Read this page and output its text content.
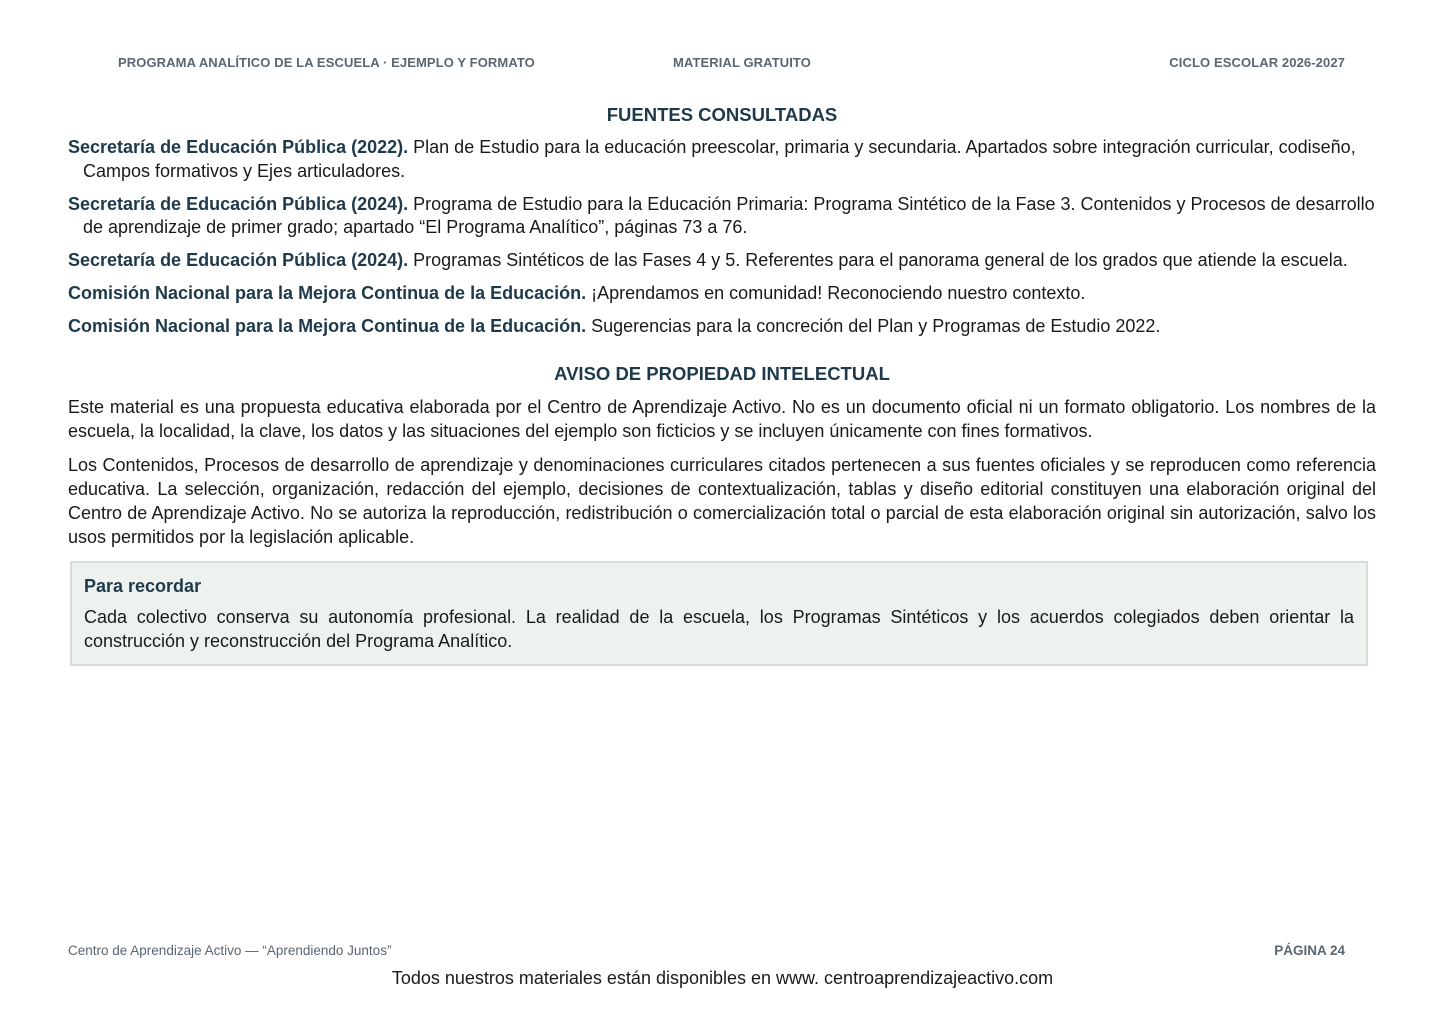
PROGRAMA ANALÍTICO DE LA ESCUELA · EJEMPLO Y FORMATO	MATERIAL GRATUITO	CICLO ESCOLAR 2026-2027
FUENTES CONSULTADAS
Secretaría de Educación Pública (2022). Plan de Estudio para la educación preescolar, primaria y secundaria. Apartados sobre integración curricular, codiseño, Campos formativos y Ejes articuladores.
Secretaría de Educación Pública (2024). Programa de Estudio para la Educación Primaria: Programa Sintético de la Fase 3. Contenidos y Procesos de desarrollo de aprendizaje de primer grado; apartado “El Programa Analítico”, páginas 73 a 76.
Secretaría de Educación Pública (2024). Programas Sintéticos de las Fases 4 y 5. Referentes para el panorama general de los grados que atiende la escuela.
Comisión Nacional para la Mejora Continua de la Educación. ¡Aprendamos en comunidad! Reconociendo nuestro contexto.
Comisión Nacional para la Mejora Continua de la Educación. Sugerencias para la concreción del Plan y Programas de Estudio 2022.
AVISO DE PROPIEDAD INTELECTUAL

Este material es una propuesta educativa elaborada por el Centro de Aprendizaje Activo. No es un documento oficial ni un formato obligatorio. Los nombres de la escuela, la localidad, la clave, los datos y las situaciones del ejemplo son ficticios y se incluyen únicamente con fines formativos.

Los Contenidos, Procesos de desarrollo de aprendizaje y denominaciones curriculares citados pertenecen a sus fuentes oficiales y se reproducen como referencia educativa. La selección, organización, redacción del ejemplo, decisiones de contextualización, tablas y diseño editorial constituyen una elaboración original del Centro de Aprendizaje Activo. No se autoriza la reproducción, redistribución o comercialización total o parcial de esta elaboración original sin autorización, salvo los usos permitidos por la legislación aplicable.

Para recordar

Cada colectivo conserva su autonomía profesional. La realidad de la escuela, los Programas Sintéticos y los acuerdos colegiados deben orientar la construcción y reconstrucción del Programa Analítico.

Centro de Aprendizaje Activo — “Aprendiendo Juntos”	PÁGINA 24
Todos nuestros materiales están disponibles en www. centroaprendizajeactivo.com
